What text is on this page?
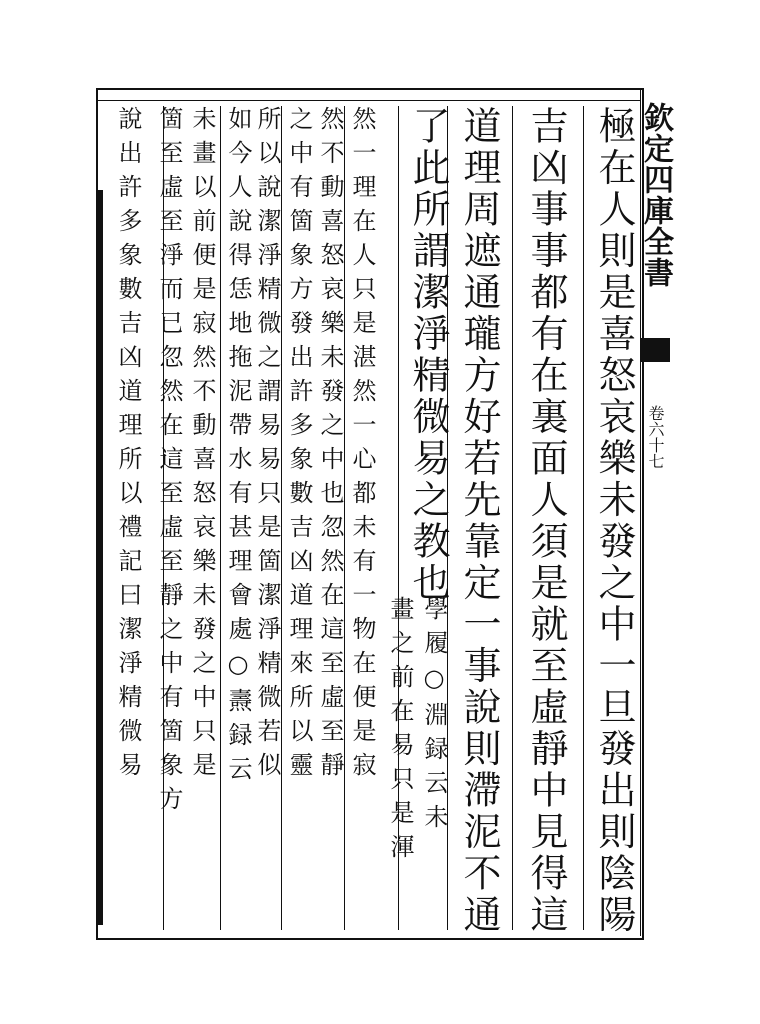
欽定四庫全書
卷六十七
極在人則是喜怒哀樂未發之中一旦發出則陰陽
吉凶事事都有在裏面人須是就至虛靜中見得這
道理周遮通瓏方好若先靠定一事說則滯泥不通
了此所謂潔淨精微易之教也
學履○淵録云未
畫之前在易只是渾
然一理在人只是湛然一心都未有一物在便是寂
然不動喜怒哀樂未發之中也忽然在這至虛至靜
之中有箇象方發出許多象數吉凶道理來所以靈
所以說潔淨精微之謂易易只是箇潔淨精微若似
如今人說得恁地拖泥帶水有甚理會處○燾録云
未畫以前便是寂然不動喜怒哀樂未發之中只是
箇至虛至淨而已忽然在這至虛至靜之中有箇象方
說出許多象數吉凶道理所以禮記曰潔淨精微易
